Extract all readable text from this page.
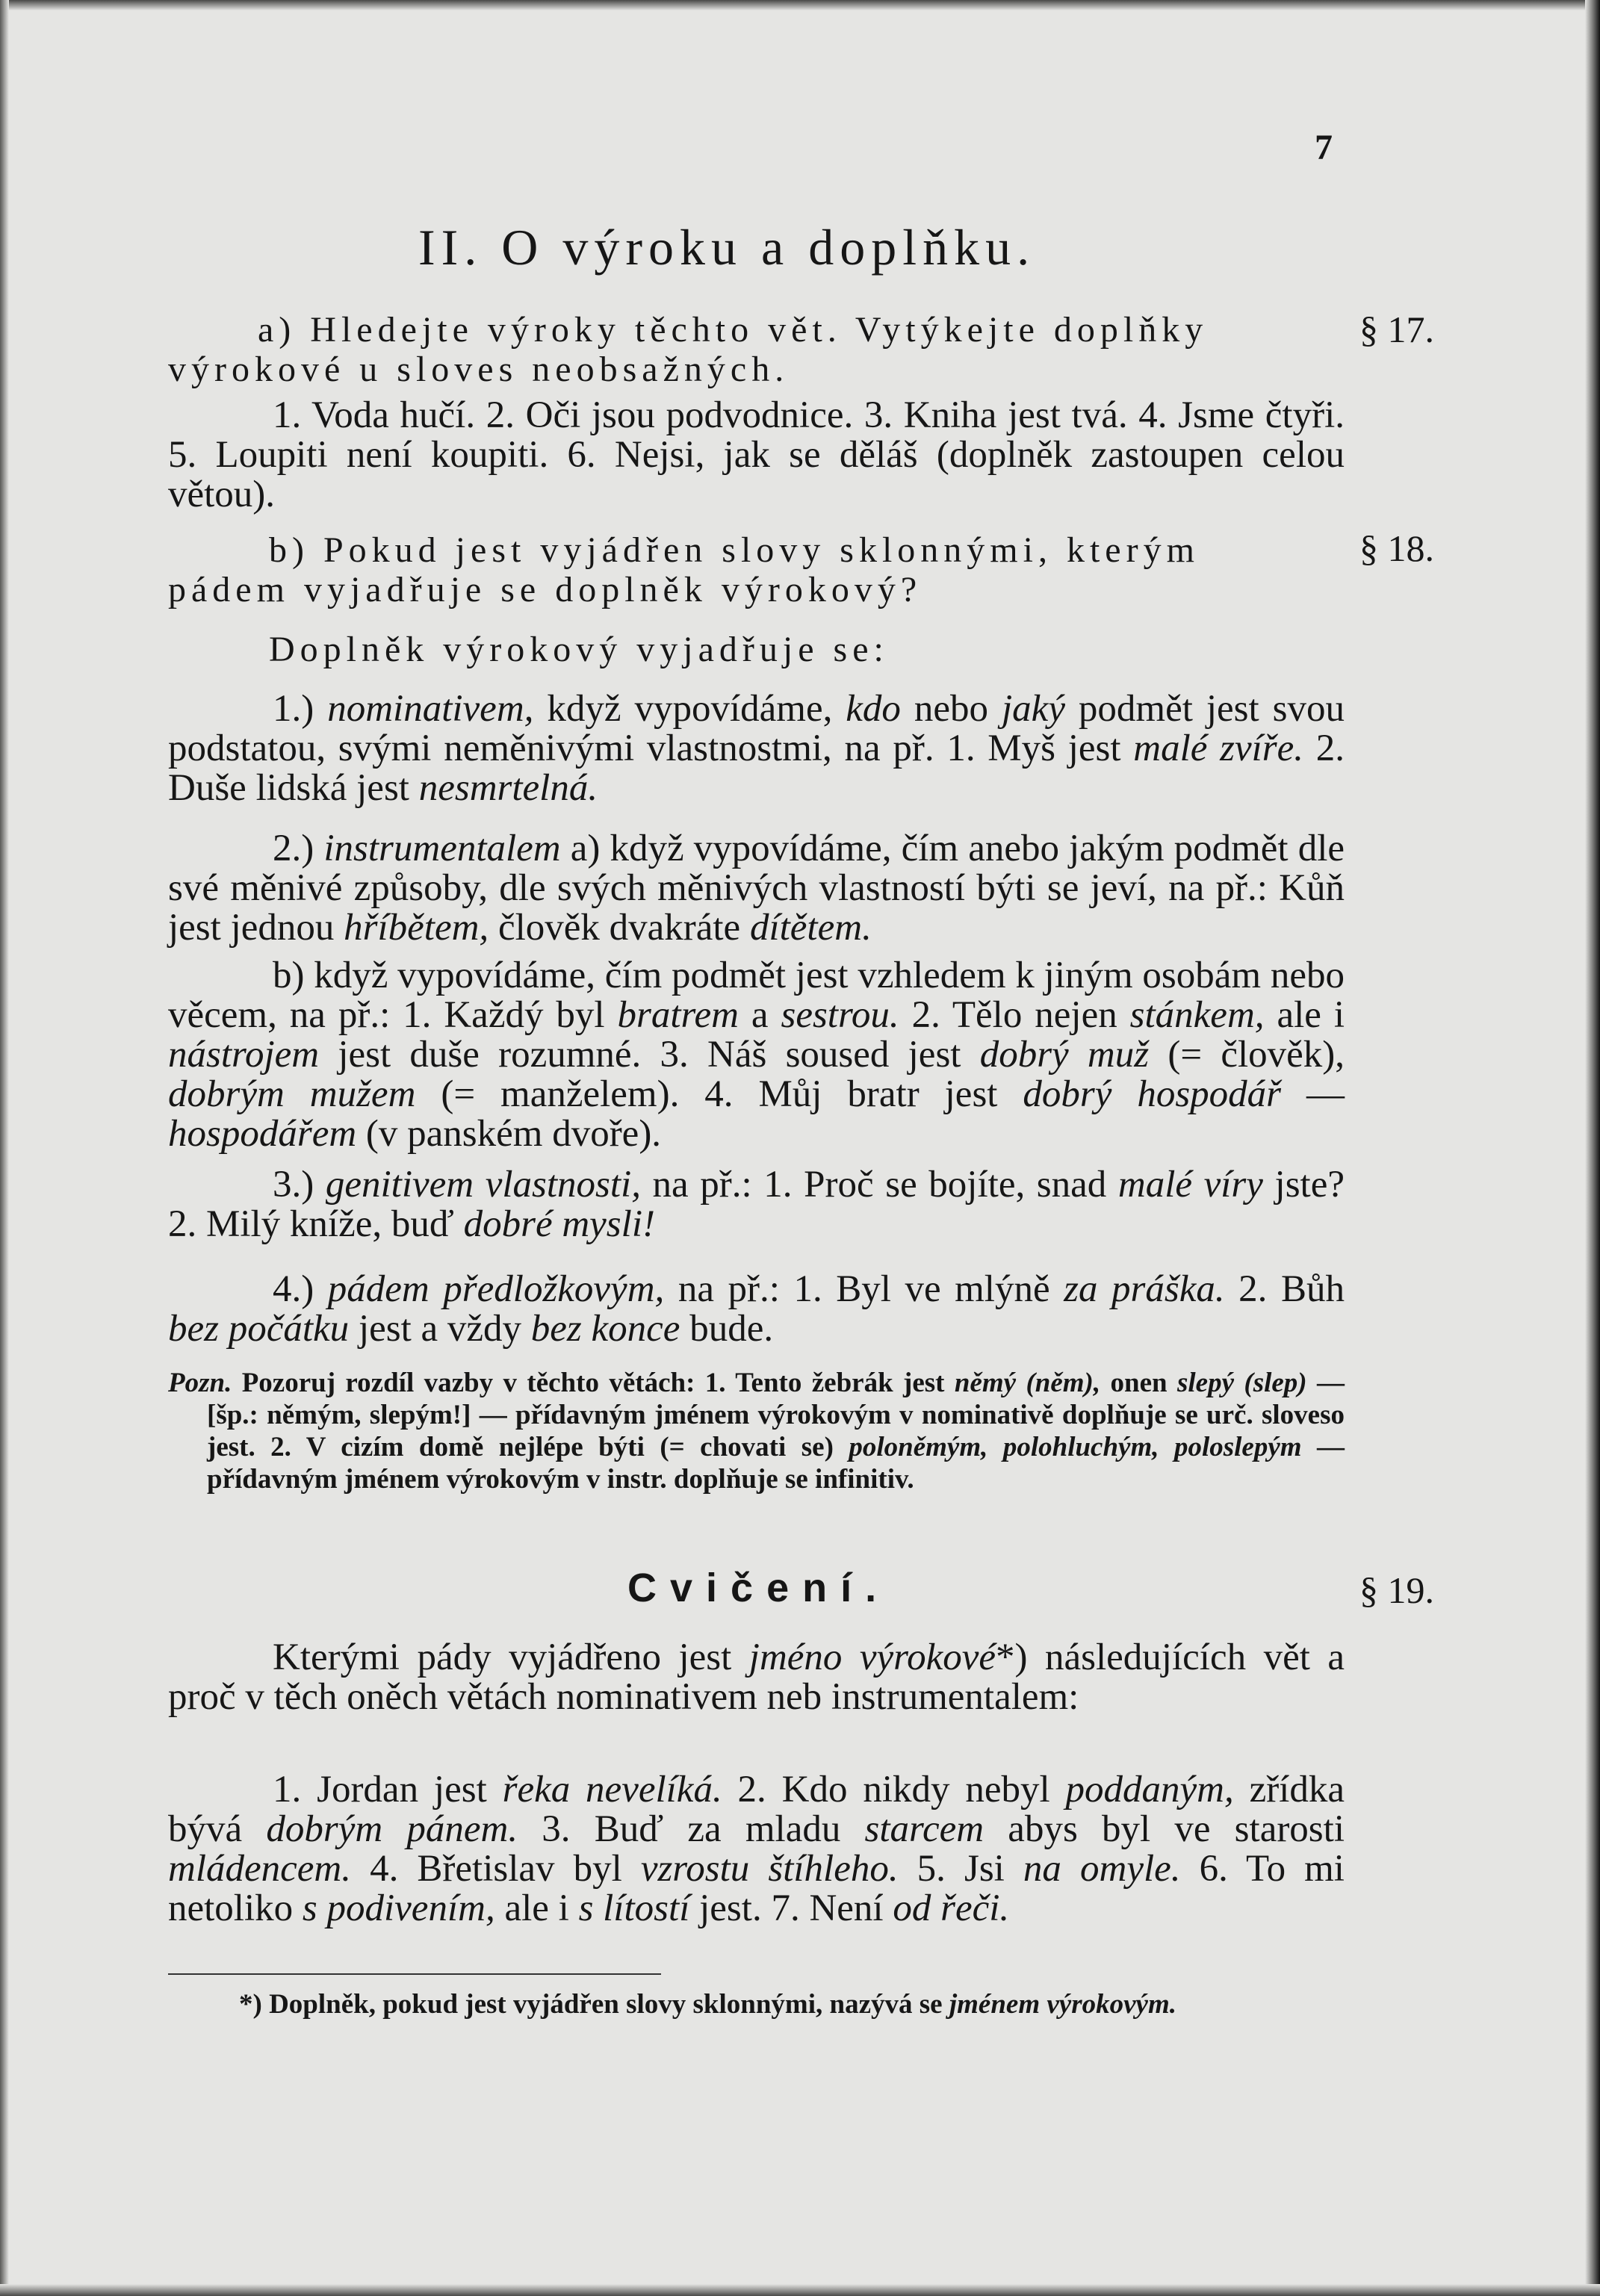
7
II. O výroku a doplňku.
§ 17.
§ 18.
§ 19.

a) Hledejte výroky těchto vět. Vytýkejte doplňky

výrokové u sloves neobsažných.

1. Voda hučí. 2. Oči jsou podvodnice. 3. Kniha jest tvá. 4. Jsme čtyři. 5. Loupiti není koupiti. 6. Nejsi, jak se děláš (doplněk zastoupen celou větou).

b) Pokud jest vyjádřen slovy sklonnými, kterým

pádem vyjadřuje se doplněk výrokový?

Doplněk výrokový vyjadřuje se:

1.) nominativem, když vypovídáme, kdo nebo jaký podmět jest svou podstatou, svými neměnivými vlastnostmi, na př. 1. Myš jest malé zvíře. 2. Duše lidská jest nesmrtelná.

2.) instrumentalem a) když vypovídáme, čím anebo jakým podmět dle své měnivé způsoby, dle svých měnivých vlastností býti se jeví, na př.: Kůň jest jednou hříbětem, člověk dvakráte dítětem.

b) když vypovídáme, čím podmět jest vzhledem k jiným osobám nebo věcem, na př.: 1. Každý byl bratrem a sestrou. 2. Tělo nejen stánkem, ale i nástrojem jest duše rozumné. 3. Náš soused jest dobrý muž (= člověk), dobrým mužem (= manželem). 4. Můj bratr jest dobrý hospodář — hospodářem (v panském dvoře).

3.) genitivem vlastnosti, na př.: 1. Proč se bojíte, snad malé víry jste? 2. Milý kníže, buď dobré mysli!

4.) pádem předložkovým, na př.: 1. Byl ve mlýně za práška. 2. Bůh bez počátku jest a vždy bez konce bude.

Pozn. Pozoruj rozdíl vazby v těchto větách: 1. Tento žebrák jest němý (něm), onen slepý (slep) — [šp.: němým, slepým!] — přídavným jménem výrokovým v nominativě doplňuje se urč. sloveso jest. 2. V cizím domě nejlépe býti (= chovati se) poloněmým, polohluchým, poloslepým — přídavným jménem výrokovým v instr. doplňuje se infinitiv.

Cvičení.

Kterými pády vyjádřeno jest jméno výrokové*) následujících vět a proč v těch oněch větách nominativem neb instrumentalem:

1. Jordan jest řeka nevelíká. 2. Kdo nikdy nebyl poddaným, zřídka bývá dobrým pánem. 3. Buď za mladu starcem abys byl ve starosti mládencem. 4. Břetislav byl vzrostu štíhleho. 5. Jsi na omyle. 6. To mi netoliko s podivením, ale i s lítostí jest. 7. Není od řeči.

*) Doplněk, pokud jest vyjádřen slovy sklonnými, nazývá se jménem výrokovým.
